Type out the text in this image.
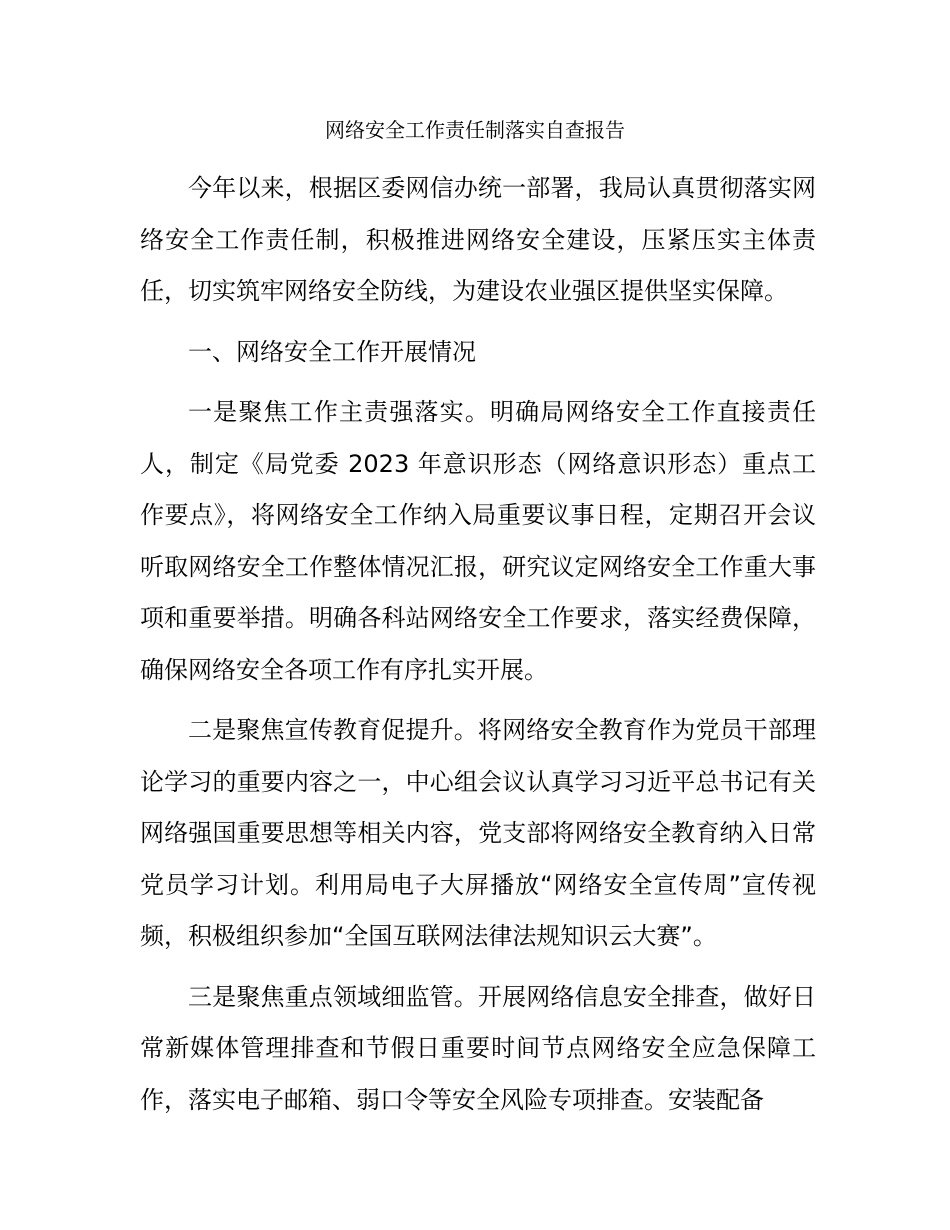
网络安全工作责任制落实自查报告

今年以来，根据区委网信办统一部署，我局认真贯彻落实网络安全工作责任制，积极推进网络安全建设，压紧压实主体责任，切实筑牢网络安全防线，为建设农业强区提供坚实保障。

一、网络安全工作开展情况

一是聚焦工作主责强落实。明确局网络安全工作直接责任人，制定《局党委 2023 年意识形态（网络意识形态）重点工作要点》，将网络安全工作纳入局重要议事日程，定期召开会议听取网络安全工作整体情况汇报，研究议定网络安全工作重大事项和重要举措。明确各科站网络安全工作要求，落实经费保障，确保网络安全各项工作有序扎实开展。

二是聚焦宣传教育促提升。将网络安全教育作为党员干部理论学习的重要内容之一，中心组会议认真学习习近平总书记有关网络强国重要思想等相关内容，党支部将网络安全教育纳入日常党员学习计划。利用局电子大屏播放“网络安全宣传周”宣传视频，积极组织参加“全国互联网法律法规知识云大赛”。

三是聚焦重点领域细监管。开展网络信息安全排查，做好日常新媒体管理排查和节假日重要时间节点网络安全应急保障工作，落实电子邮箱、弱口令等安全风险专项排查。安装配备
